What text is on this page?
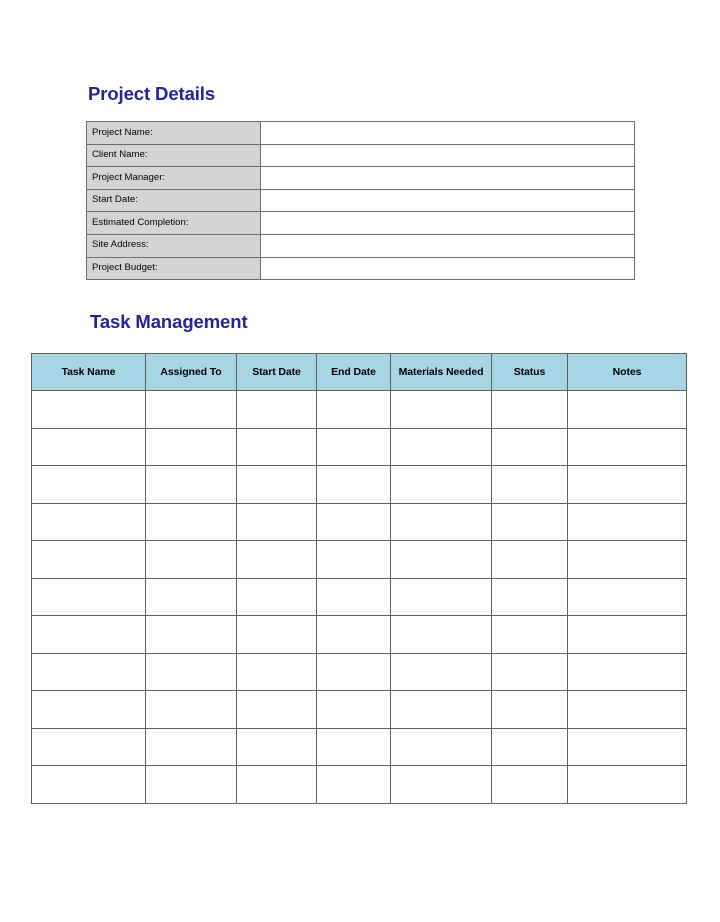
Project Details
Project Name:	
Client Name:	
Project Manager:	
Start Date:	
Estimated Completion:	
Site Address:	
Project Budget:	
Task Management
Task Name	Assigned To	Start Date	End Date	Materials Needed	Status	Notes
